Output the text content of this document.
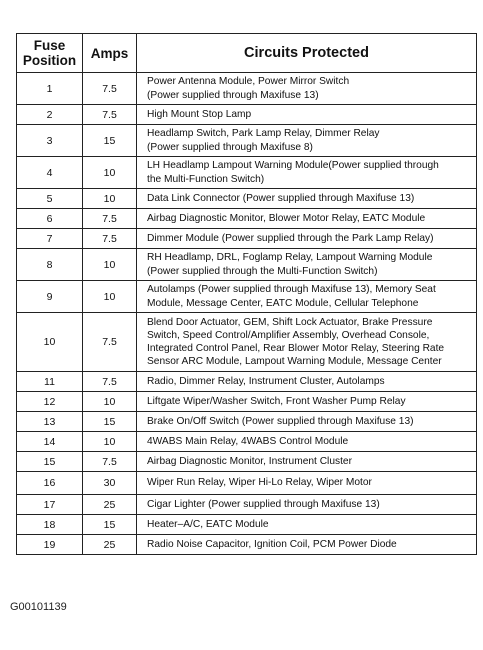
Fuse
Position	Amps	Circuits Protected
1	7.5	Power Antenna Module, Power Mirror Switch
(Power supplied through Maxifuse 13)

2	7.5	High Mount Stop Lamp

3	15	Headlamp Switch, Park Lamp Relay, Dimmer Relay
(Power supplied through Maxifuse 8)

4	10	LH Headlamp Lampout Warning Module(Power supplied through
the Multi-Function Switch)

5	10	Data Link Connector (Power supplied through Maxifuse 13)

6	7.5	Airbag Diagnostic Monitor, Blower Motor Relay, EATC Module

7	7.5	Dimmer Module (Power supplied through the Park Lamp Relay)

8	10	RH Headlamp, DRL, Foglamp Relay, Lampout Warning Module
(Power supplied through the Multi-Function Switch)

9	10	Autolamps (Power supplied through Maxifuse 13), Memory Seat
Module, Message Center, EATC Module, Cellular Telephone

10	7.5	Blend Door Actuator, GEM, Shift Lock Actuator, Brake Pressure
Switch, Speed Control/Amplifier Assembly, Overhead Console,
Integrated Control Panel, Rear Blower Motor Relay, Steering Rate
Sensor ARC Module, Lampout Warning Module, Message Center

11	7.5	Radio, Dimmer Relay, Instrument Cluster, Autolamps

12	10	Liftgate Wiper/Washer Switch, Front Washer Pump Relay

13	15	Brake On/Off Switch (Power supplied through Maxifuse 13)

14	10	4WABS Main Relay, 4WABS Control Module

15	7.5	Airbag Diagnostic Monitor, Instrument Cluster

16	30	Wiper Run Relay, Wiper Hi-Lo Relay, Wiper Motor

17	25	Cigar Lighter (Power supplied through Maxifuse 13)

18	15	Heater–A/C, EATC Module

19	25	Radio Noise Capacitor, Ignition Coil, PCM Power Diode
G00101139
